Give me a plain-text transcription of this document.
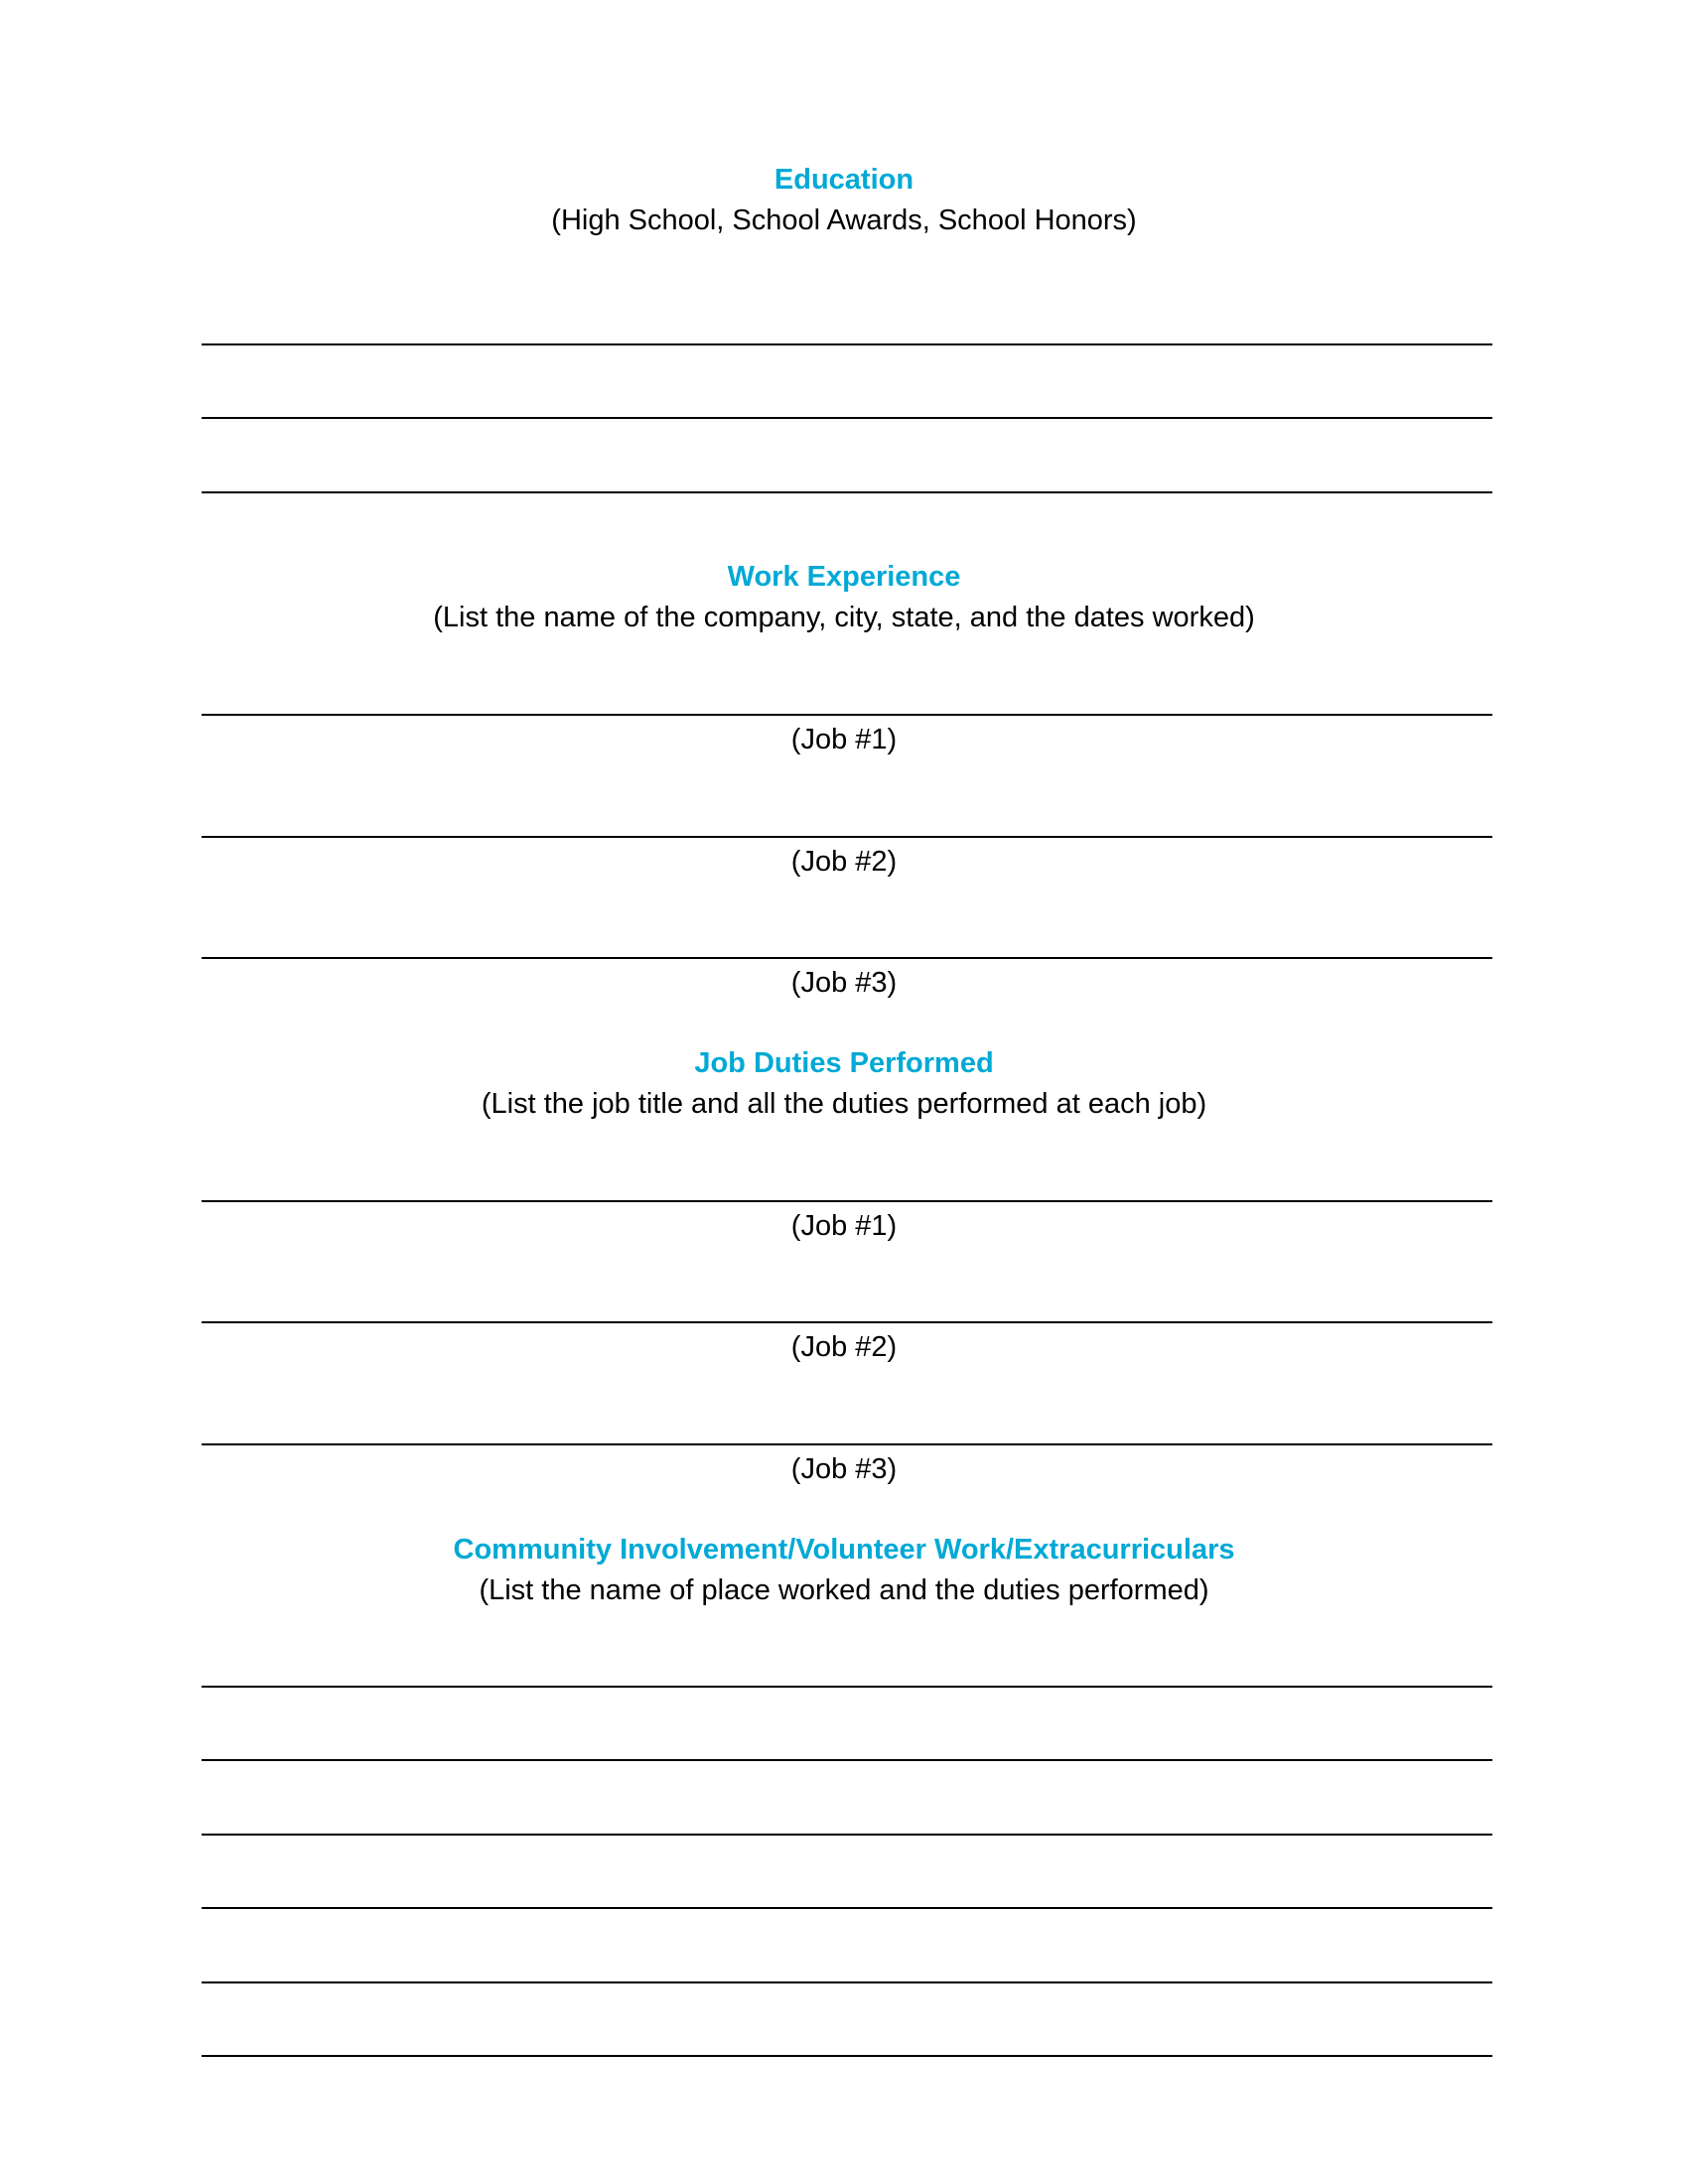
Education
(High School, School Awards, School Honors)
Work Experience
(List the name of the company, city, state, and the dates worked)
(Job #1)
(Job #2)
(Job #3)
Job Duties Performed
(List the job title and all the duties performed at each job)
(Job #1)
(Job #2)
(Job #3)
Community Involvement/Volunteer Work/Extracurriculars
(List the name of place worked and the duties performed)
